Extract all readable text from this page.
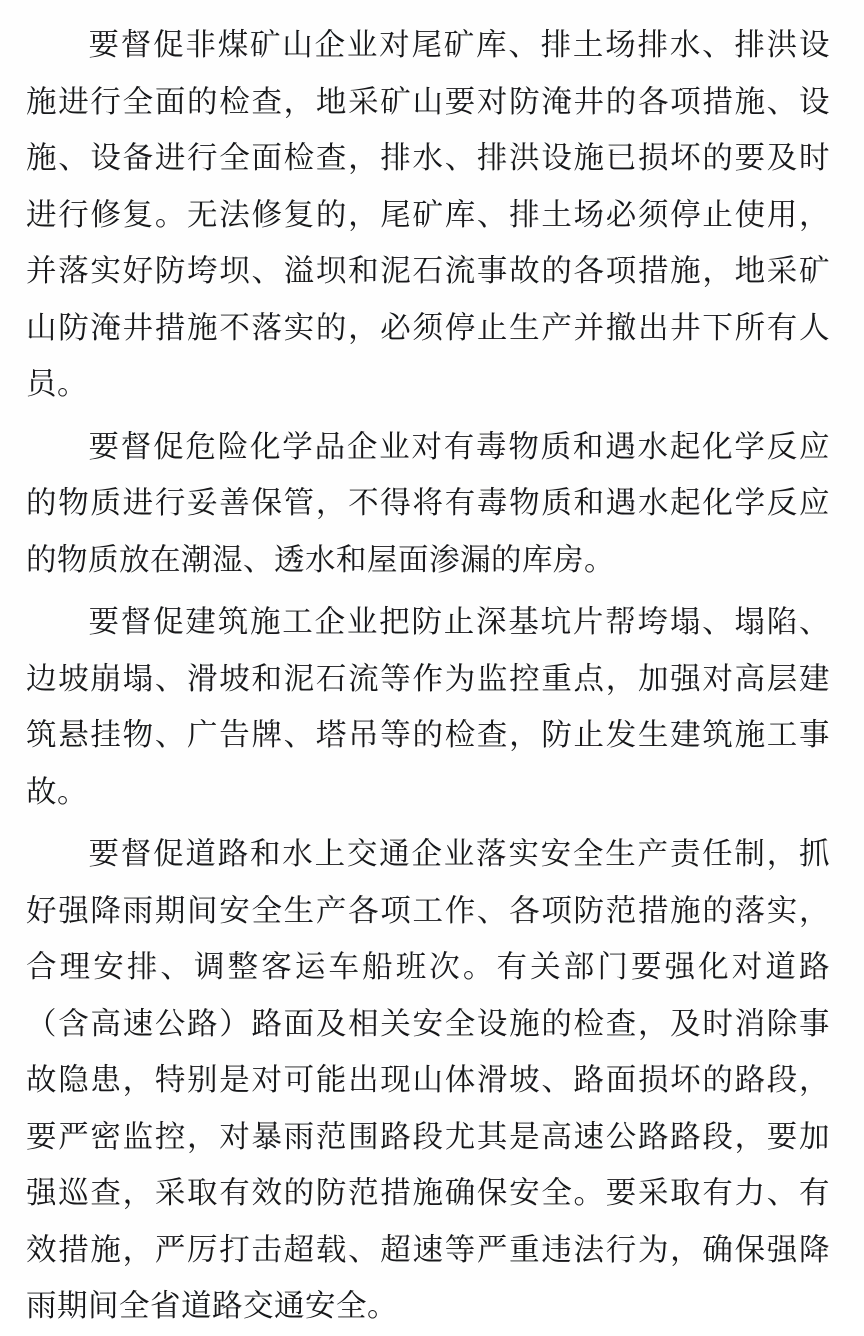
要督促非煤矿山企业对尾矿库、排土场排水、排洪设施进行全面的检查，地采矿山要对防淹井的各项措施、设施、设备进行全面检查，排水、排洪设施已损坏的要及时进行修复。无法修复的，尾矿库、排土场必须停止使用，并落实好防垮坝、溢坝和泥石流事故的各项措施，地采矿山防淹井措施不落实的，必须停止生产并撤出井下所有人员。

要督促危险化学品企业对有毒物质和遇水起化学反应的物质进行妥善保管，不得将有毒物质和遇水起化学反应的物质放在潮湿、透水和屋面渗漏的库房。

要督促建筑施工企业把防止深基坑片帮垮塌、塌陷、边坡崩塌、滑坡和泥石流等作为监控重点，加强对高层建筑悬挂物、广告牌、塔吊等的检查，防止发生建筑施工事故。

要督促道路和水上交通企业落实安全生产责任制，抓好强降雨期间安全生产各项工作、各项防范措施的落实，合理安排、调整客运车船班次。有关部门要强化对道路（含高速公路）路面及相关安全设施的检查，及时消除事故隐患，特别是对可能出现山体滑坡、路面损坏的路段，要严密监控，对暴雨范围路段尤其是高速公路路段，要加强巡查，采取有效的防范措施确保安全。要采取有力、有效措施，严厉打击超载、超速等严重违法行为，确保强降雨期间全省道路交通安全。
